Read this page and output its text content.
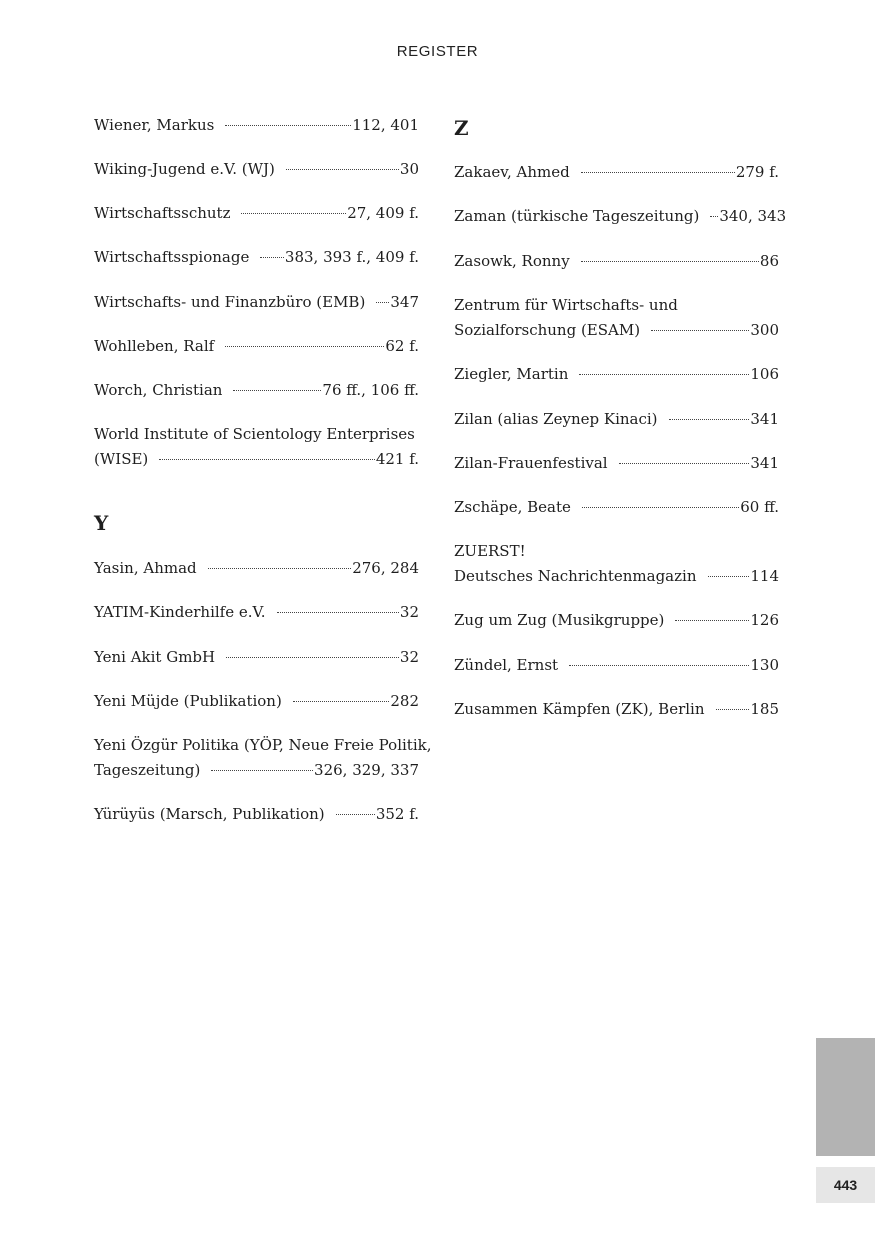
REGISTER
Wiener, Markus	112, 401
Wiking-Jugend e.V. (WJ)	30
Wirtschaftsschutz	27, 409 f.
Wirtschaftsspionage 383, 393 f., 409 f.
Wirtschafts- und Finanzbüro (EMB) 347
Wohlleben, Ralf	62 f.
Worch, Christian	76 ff., 106 ff.
World Institute of Scientology Enterprises
(WISE)	421 f.
Y
Yasin, Ahmad	276, 284
YATIM-Kinderhilfe e.V.	32
Yeni Akit GmbH	32
Yeni Müjde (Publikation)	282
Yeni Özgür Politika (YÖP, Neue Freie Politik,
Tageszeitung)	326, 329, 337
Yürüyüs (Marsch, Publikation)	352 f.
Z
Zakaev, Ahmed	279 f.
Zaman (türkische Tageszeitung) 340, 343
Zasowk, Ronny	86
Zentrum für Wirtschafts- und
Sozialforschung (ESAM)	300
Ziegler, Martin	106
Zilan (alias Zeynep Kinaci)	341
Zilan-Frauenfestival	341
Zschäpe, Beate	60 ff.
ZUERST!
Deutsches Nachrichtenmagazin	114
Zug um Zug (Musikgruppe)	126
Zündel, Ernst	130
Zusammen Kämpfen (ZK), Berlin	185
443
